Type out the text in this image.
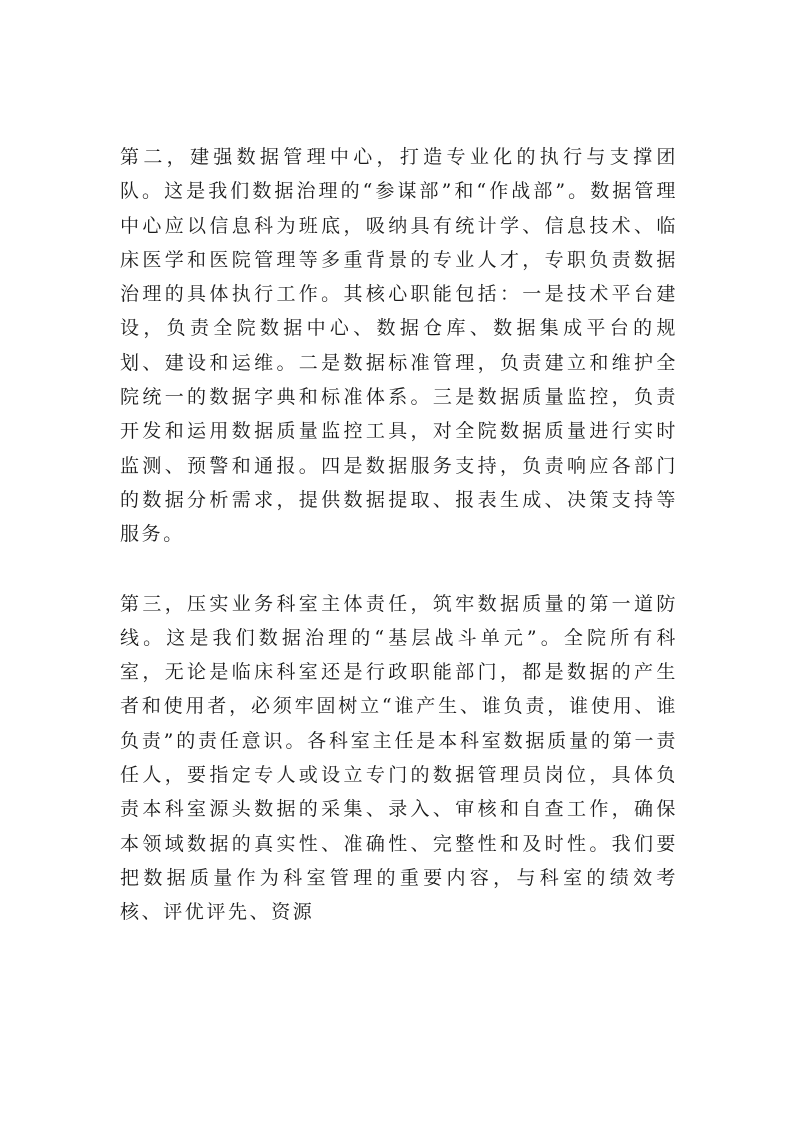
第二，建强数据管理中心，打造专业化的执行与支撑团队。这是我们数据治理的“参谋部”和“作战部”。数据管理中心应以信息科为班底，吸纳具有统计学、信息技术、临床医学和医院管理等多重背景的专业人才，专职负责数据治理的具体执行工作。其核心职能包括：一是技术平台建设，负责全院数据中心、数据仓库、数据集成平台的规划、建设和运维。二是数据标准管理，负责建立和维护全院统一的数据字典和标准体系。三是数据质量监控，负责开发和运用数据质量监控工具，对全院数据质量进行实时监测、预警和通报。四是数据服务支持，负责响应各部门的数据分析需求，提供数据提取、报表生成、决策支持等服务。

第三，压实业务科室主体责任，筑牢数据质量的第一道防线。这是我们数据治理的“基层战斗单元”。全院所有科室，无论是临床科室还是行政职能部门，都是数据的产生者和使用者，必须牢固树立“谁产生、谁负责，谁使用、谁负责”的责任意识。各科室主任是本科室数据质量的第一责任人，要指定专人或设立专门的数据管理员岗位，具体负责本科室源头数据的采集、录入、审核和自查工作，确保本领域数据的真实性、准确性、完整性和及时性。我们要把数据质量作为科室管理的重要内容，与科室的绩效考核、评优评先、资源
